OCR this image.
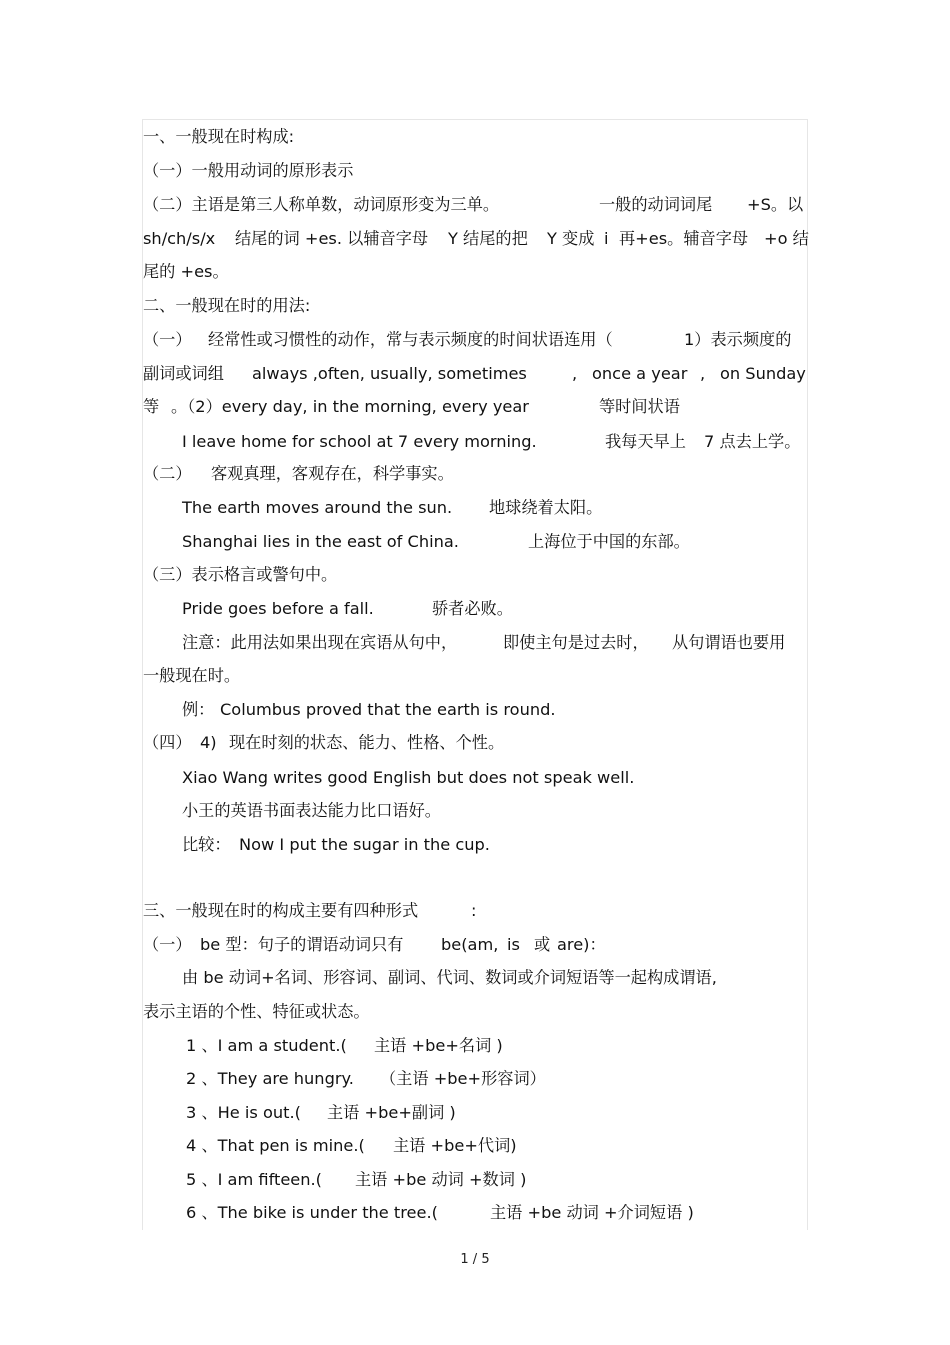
一、一般现在时构成:
（一）一般用动词的原形表示
（二）主语是第三人称单数，动词原形变为三单。	一般的动词词尾 +S。以
sh/ch/s/x 结尾的词 +es. 以辅音字母 Y 结尾的把 Y 变成 i 再+es。辅音字母 +o 结
尾的 +es。
二、一般现在时的用法:
（一） 经常性或习惯性的动作，常与表示频度的时间状语连用（	1）表示频度的
副词或词组 always ,often, usually, sometimes	, once a year , on Sunday
等 。（2）every day, in the morning, every year	等时间状语
I leave home for school at 7 every morning.	我每天早上 7 点去上学。
（二） 客观真理，客观存在，科学事实。
The earth moves around the sun. 地球绕着太阳。
Shanghai lies in the east of China.	上海位于中国的东部。
（三）表示格言或警句中。
Pride goes before a fall.	骄者必败。
注意：此用法如果出现在宾语从句中，	即使主句是过去时， 从句谓语也要用
一般现在时。
例： Columbus proved that the earth is round.
（四） 4) 现在时刻的状态、能力、性格、个性。
Xiao Wang writes good English but does not speak well.
小王的英语书面表达能力比口语好。
比较： Now I put the sugar in the cup.
三、一般现在时的构成主要有四种形式	:
（一） be 型：句子的谓语动词只有 be(am, is 或 are)：
由 be 动词+名词、形容词、副词、代词、数词或介词短语等一起构成谓语,
表示主语的个性、特征或状态。
1 、I am a student.( 主语 +be+名词 )
2 、They are hungry. （主语 +be+形容词）
3 、He is out.( 主语 +be+副词 )
4 、That pen is mine.( 主语 +be+代词)
5 、I am fifteen.( 主语 +be 动词 +数词 )
6 、The bike is under the tree.(	主语 +be 动词 +介词短语 )
1 / 5
